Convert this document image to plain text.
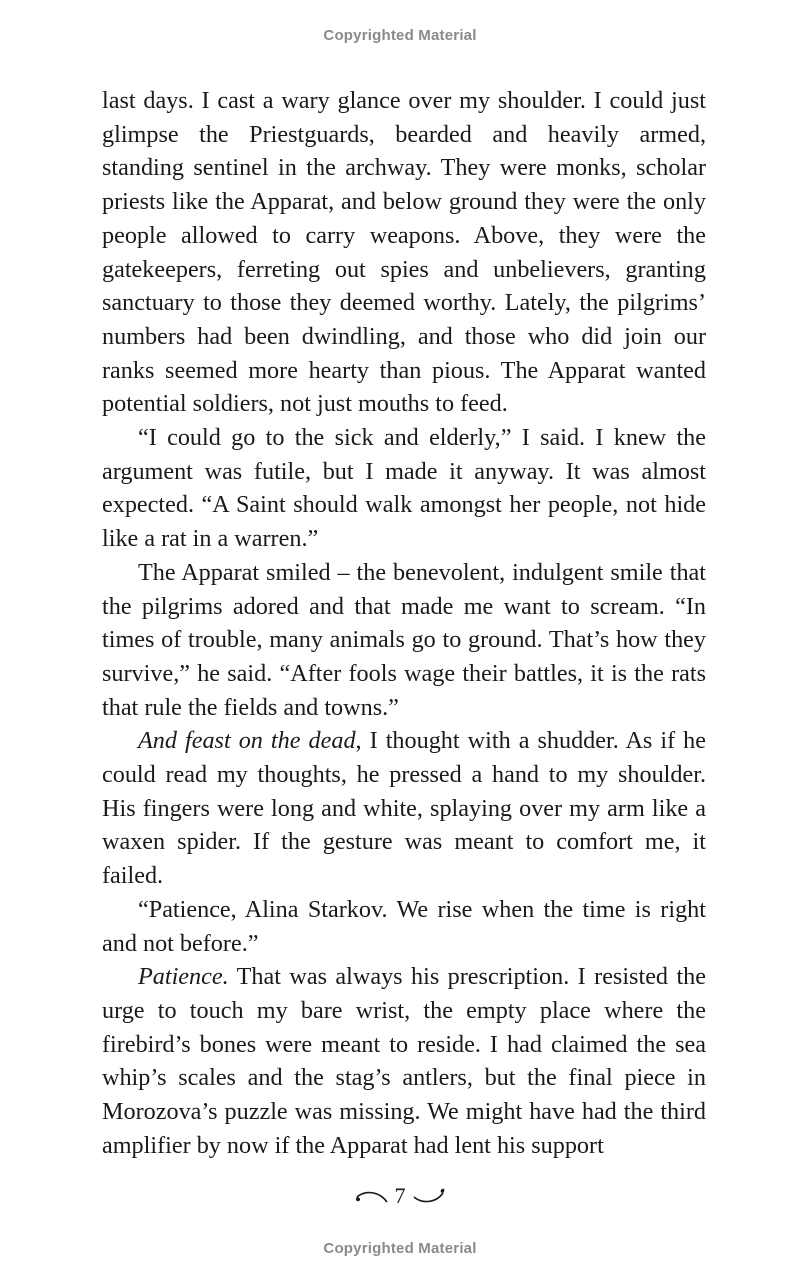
Copyrighted Material

last days. I cast a wary glance over my shoulder. I could just glimpse the Priestguards, bearded and heavily armed, standing sentinel in the archway. They were monks, scholar priests like the Apparat, and below ground they were the only people allowed to carry weapons. Above, they were the gatekeepers, ferreting out spies and unbelievers, granting sanctuary to those they deemed worthy. Lately, the pilgrims’ numbers had been dwindling, and those who did join our ranks seemed more hearty than pious. The Apparat wanted potential soldiers, not just mouths to feed.

“I could go to the sick and elderly,” I said. I knew the argument was futile, but I made it anyway. It was almost expected. “A Saint should walk amongst her people, not hide like a rat in a warren.”

The Apparat smiled – the benevolent, indulgent smile that the pilgrims adored and that made me want to scream. “In times of trouble, many animals go to ground. That’s how they survive,” he said. “After fools wage their battles, it is the rats that rule the fields and towns.”

And feast on the dead, I thought with a shudder. As if he could read my thoughts, he pressed a hand to my shoulder. His fingers were long and white, splaying over my arm like a waxen spider. If the gesture was meant to comfort me, it failed.

“Patience, Alina Starkov. We rise when the time is right and not before.”

Patience. That was always his prescription. I resisted the urge to touch my bare wrist, the empty place where the firebird’s bones were meant to reside. I had claimed the sea whip’s scales and the stag’s antlers, but the final piece in Morozova’s puzzle was missing. We might have had the third amplifier by now if the Apparat had lent his support

7
Copyrighted Material
